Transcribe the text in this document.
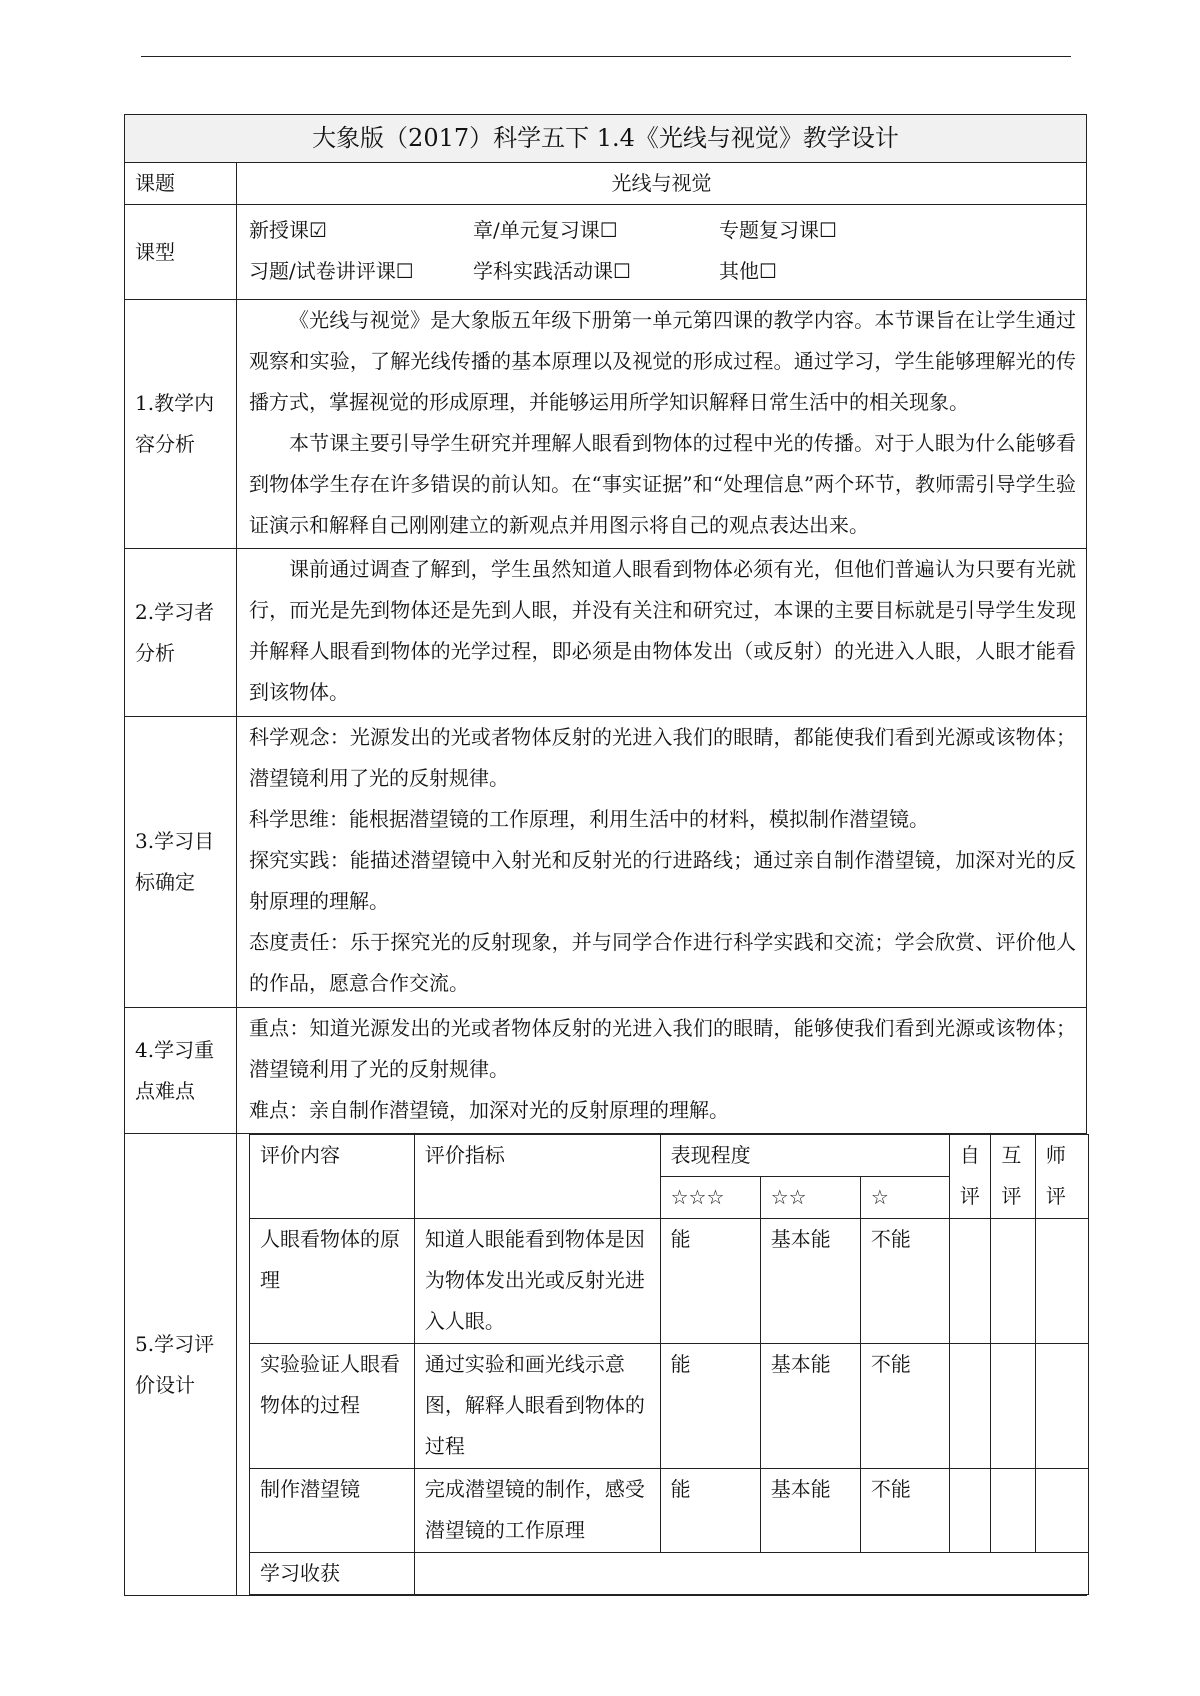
大象版（2017）科学五下 1.4《光线与视觉》教学设计
课题	光线与视觉
课型	
新授课☑	章/单元复习课☐	专题复习课☐
习题/试卷讲评课☐	学科实践活动课☐	其他☐

1.教学内容分析	

《光线与视觉》是大象版五年级下册第一单元第四课的教学内容。本节课旨在让学生通过观察和实验，了解光线传播的基本原理以及视觉的形成过程。通过学习，学生能够理解光的传播方式，掌握视觉的形成原理，并能够运用所学知识解释日常生活中的相关现象。

本节课主要引导学生研究并理解人眼看到物体的过程中光的传播。对于人眼为什么能够看到物体学生存在许多错误的前认知。在“事实证据”和“处理信息”两个环节，教师需引导学生验证演示和解释自己刚刚建立的新观点并用图示将自己的观点表达出来。

2.学习者分析	

课前通过调查了解到，学生虽然知道人眼看到物体必须有光，但他们普遍认为只要有光就行，而光是先到物体还是先到人眼，并没有关注和研究过，本课的主要目标就是引导学生发现并解释人眼看到物体的光学过程，即必须是由物体发出（或反射）的光进入人眼，人眼才能看到该物体。

3.学习目标确定	

科学观念：光源发出的光或者物体反射的光进入我们的眼睛，都能使我们看到光源或该物体；潜望镜利用了光的反射规律。

科学思维：能根据潜望镜的工作原理，利用生活中的材料，模拟制作潜望镜。

探究实践：能描述潜望镜中入射光和反射光的行进路线；通过亲自制作潜望镜，加深对光的反射原理的理解。

态度责任：乐于探究光的反射现象，并与同学合作进行科学实践和交流；学会欣赏、评价他人的作品，愿意合作交流。

4.学习重点难点	

重点：知道光源发出的光或者物体反射的光进入我们的眼睛，能够使我们看到光源或该物体；潜望镜利用了光的反射规律。

难点：亲自制作潜望镜，加深对光的反射原理的理解。

5.学习评价设计	
评价内容	评价指标	表现程度	自评	互评	师评
☆☆☆	☆☆	☆
人眼看物体的原理	知道人眼能看到物体是因为物体发出光或反射光进入人眼。	能	基本能	不能			
实验验证人眼看物体的过程	通过实验和画光线示意图，解释人眼看到物体的过程	能	基本能	不能			
制作潜望镜	完成潜望镜的制作，感受潜望镜的工作原理	能	基本能	不能			
学习收获	
